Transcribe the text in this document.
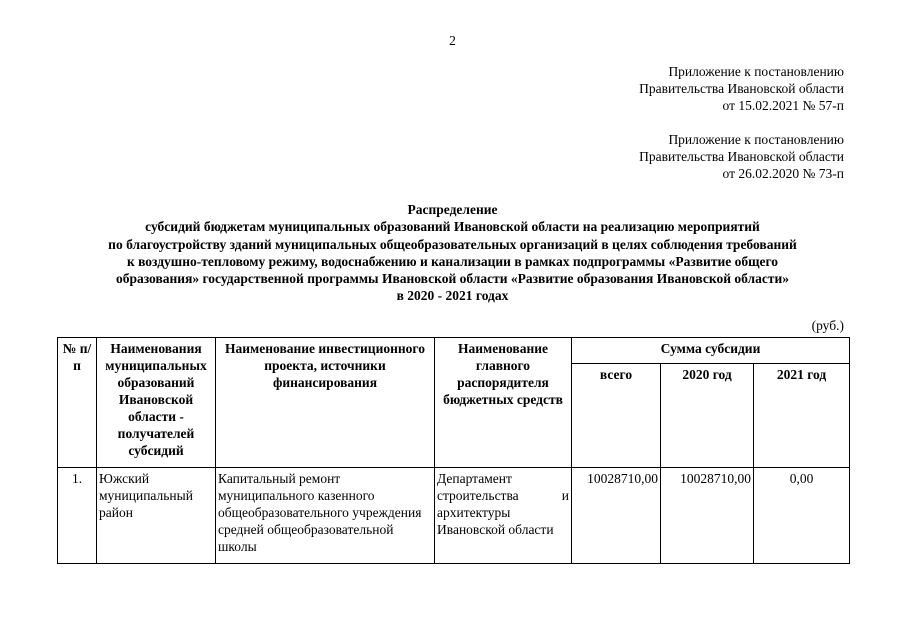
2
Приложение к постановлению
Правительства Ивановской области
от 15.02.2021 № 57-п
Приложение к постановлению
Правительства Ивановской области
от 26.02.2020 № 73-п
Распределение
субсидий бюджетам муниципальных образований Ивановской области на реализацию мероприятий
по благоустройству зданий муниципальных общеобразовательных организаций в целях соблюдения требований
к воздушно-тепловому режиму, водоснабжению и канализации в рамках подпрограммы «Развитие общего
образования» государственной программы Ивановской области «Развитие образования Ивановской области»
в 2020 - 2021 годах
(руб.)
№ п/п	Наименования муниципальных образований Ивановской области - получателей субсидий	Наименование инвестиционного проекта, источники финансирования	Наименование главного распорядителя бюджетных средств	Сумма субсидии		
				всего	2020 год	2021 год
1.	Южский муниципальный район	Капитальный ремонт муниципального казенного общеобразовательного учреждения средней общеобразовательной школы	Департамент строительства и архитектуры Ивановской области	10028710,00	10028710,00	0,00
